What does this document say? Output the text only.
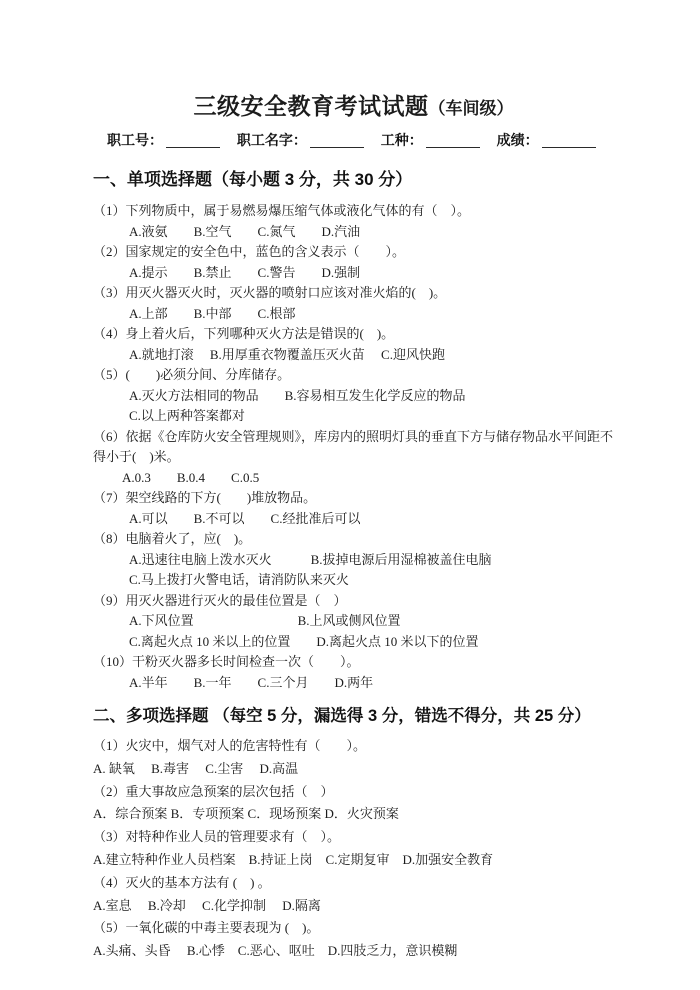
三级安全教育考试试题（车间级）
职工号：	职工名字：	工种：	成绩：
一、单项选择题（每小题 3 分，共 30 分）
（1）下列物质中，属于易燃易爆压缩气体或液化气体的有（　）。
A.液氨　　B.空气　　C.氮气　　D.汽油
（2）国家规定的安全色中，蓝色的含义表示（　　）。
A.提示　　B.禁止　　C.警告　　D.强制
（3）用灭火器灭火时，灭火器的喷射口应该对准火焰的(　)。
A.上部　　B.中部　　C.根部
（4）身上着火后，下列哪种灭火方法是错误的(　)。
A.就地打滚　 B.用厚重衣物覆盖压灭火苗　 C.迎风快跑
（5）(　　)必须分间、分库储存。
A.灭火方法相同的物品　　B.容易相互发生化学反应的物品
C.以上两种答案都对
（6）依据《仓库防火安全管理规则》，库房内的照明灯具的垂直下方与储存物品水平间距不
得小于(　)米。
A.0.3　　B.0.4　　C.0.5
（7）架空线路的下方(　　)堆放物品。
A.可以　　B.不可以　　C.经批准后可以
（8）电脑着火了，应(　)。
A.迅速往电脑上泼水灭火　　　B.拔掉电源后用湿棉被盖住电脑
C.马上拨打火警电话，请消防队来灭火
（9）用灭火器进行灭火的最佳位置是（　）
A.下风位置　　　　　　　　B.上风或侧风位置
C.离起火点 10 米以上的位置　　D.离起火点 10 米以下的位置
（10）干粉灭火器多长时间检查一次（　　）。
A.半年　　B.一年　　C.三个月　　D.两年
二、多项选择题 （每空 5 分，漏选得 3 分，错选不得分，共 25 分）
（1）火灾中，烟气对人的危害特性有（　　）。
A. 缺氧　 B.毒害　 C.尘害　 D.高温
（2）重大事故应急预案的层次包括（　）
A．综合预案 B．专项预案 C．现场预案 D．火灾预案
（3）对特种作业人员的管理要求有（　）。
A.建立特种作业人员档案　B.持证上岗　C.定期复审　D.加强安全教育
（4）灭火的基本方法有 (　) 。
A.室息　 B.冷却　 C.化学抑制　 D.隔离
（5）一氧化碳的中毒主要表现为 (　)。
A.头痛、头昏　 B.心悸　C.恶心、呕吐　D.四肢乏力，意识模糊
